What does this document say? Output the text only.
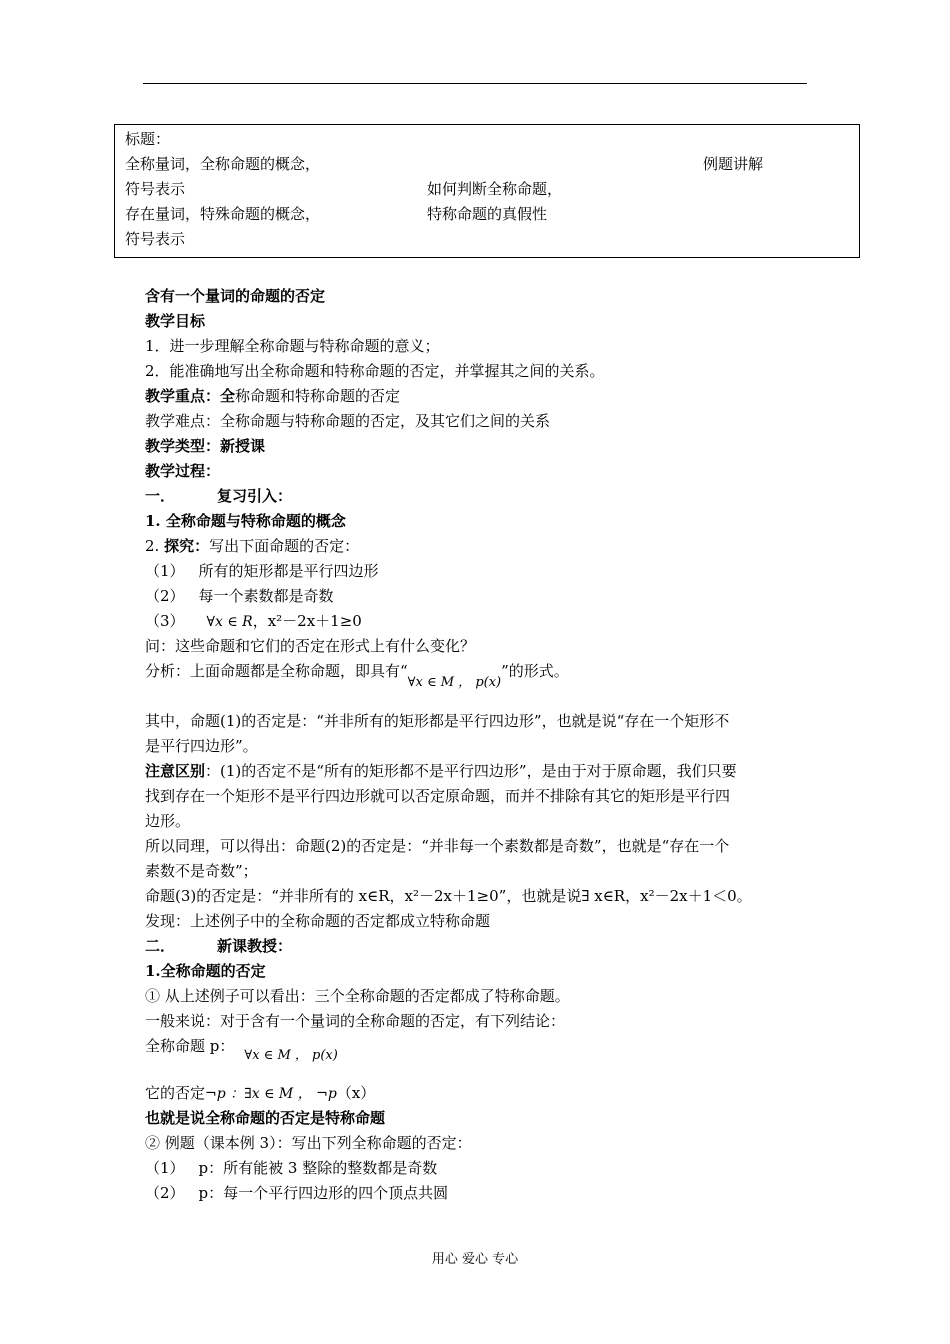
标题：
全称量词，全称命题的概念，	例题讲解
符号表示	如何判断全称命题，
存在量词，特殊命题的概念，	特称命题的真假性
符号表示
含有一个量词的命题的否定
教学目标
1．进一步理解全称命题与特称命题的意义；
2．能准确地写出全称命题和特称命题的否定，并掌握其之间的关系。
教学重点：全称命题和特称命题的否定
教学难点：全称命题与特称命题的否定，及其它们之间的关系
教学类型：新授课
教学过程：
一．	复习引入：
1. 全称命题与特称命题的概念
2. 探究：写出下面命题的否定：
（1） 所有的矩形都是平行四边形
（2） 每一个素数都是奇数
（3） ∀x ∈ R，x²－2x＋1≥0
问：这些命题和它们的否定在形式上有什么变化？
分析：上面命题都是全称命题，即具有“∀x ∈ M ， p(x)”的形式。
其中，命题(1)的否定是：“并非所有的矩形都是平行四边形”，也就是说“存在一个矩形不
是平行四边形”。
注意区别：(1)的否定不是“所有的矩形都不是平行四边形”，是由于对于原命题，我们只要
找到存在一个矩形不是平行四边形就可以否定原命题，而并不排除有其它的矩形是平行四
边形。
所以同理，可以得出：命题(2)的否定是：“并非每一个素数都是奇数”，也就是“存在一个
素数不是奇数”；
命题(3)的否定是：“并非所有的 x∈R，x²－2x＋1≥0”，也就是说∃ x∈R，x²－2x＋1＜0。
发现：上述例子中的全称命题的否定都成立特称命题
二．	新课教授：
1.全称命题的否定
① 从上述例子可以看出：三个全称命题的否定都成了特称命题。
一般来说：对于含有一个量词的全称命题的否定，有下列结论：
全称命题 p：∀x ∈ M ， p(x)
它的否定¬p ：∃x ∈ M ， ¬p（x）
也就是说全称命题的否定是特称命题
② 例题（课本例 3）：写出下列全称命题的否定：
（1） p：所有能被 3 整除的整数都是奇数
（2） p：每一个平行四边形的四个顶点共圆
用心 爱心 专心
